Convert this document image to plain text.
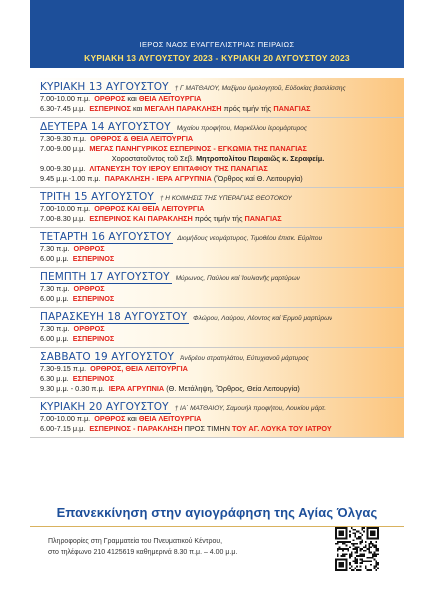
ΙΕΡΟΣ ΝΑΟΣ ΕΥΑΓΓΕΛΙΣΤΡΙΑΣ ΠΕΙΡΑΙΩΣ
ΚΥΡΙΑΚΗ 13 ΑΥΓΟΥΣΤΟΥ 2023 - ΚΥΡΙΑΚΗ 20 ΑΥΓΟΥΣΤΟΥ 2023
ΚΥΡΙΑΚΗ 13 ΑΥΓΟΥΣΤΟΥ † Γ ΜΑΤΘΑΙΟΥ, Μαξίμου ὁμολογητοῦ, Εὐδοκίας βασιλίσσης
7.00-10.00 π.μ. ΟΡΘΡΟΣ και ΘΕΙΑ ΛΕΙΤΟΥΡΓΙΑ
6.30-7.45 μ.μ. ΕΣΠΕΡΙΝΟΣ και ΜΕΓΑΛΗ ΠΑΡΑΚΛΗΣΗ πρός τιμήν τής ΠΑΝΑΓΙΑΣ
ΔΕΥΤΕΡΑ 14 ΑΥΓΟΥΣΤΟΥ Μιχαίου προφήτου, Μαρκέλλου ἱερομάρτυρος
7.30-9.30 π.μ. ΟΡΘΡΟΣ & ΘΕΙΑ ΛΕΙΤΟΥΡΓΙΑ
7.00-9.00 μ.μ. ΜΕΓΑΣ ΠΑΝΗΓΥΡΙΚΟΣ ΕΣΠΕΡΙΝΟΣ - ΕΓΚΩΜΙΑ ΤΗΣ ΠΑΝΑΓΙΑΣ
Χοροστατοῦντος τοῦ Σεβ. Μητροπολίτου Πειραιῶς κ. Σεραφείμ.
9.00-9.30 μ.μ. ΛΙΤΑΝΕΥΣΗ ΤΟΥ ΙΕΡΟΥ ΕΠΙΤΑΦΙΟΥ ΤΗΣ ΠΑΝΑΓΙΑΣ
9.45 μ.μ.-1.00 π.μ. ΠΑΡΑΚΛΗΣΗ - ΙΕΡΑ ΑΓΡΥΠΝΙΑ (Ὄρθρος καί Θ. Λειτουργία)
ΤΡΙΤΗ 15 ΑΥΓΟΥΣΤΟΥ † Η ΚΟΙΜΗΣΙΣ ΤΗΣ ΥΠΕΡΑΓΙΑΣ ΘΕΟΤΟΚΟΥ
7.00-10.00 π.μ. ΟΡΘΡΟΣ ΚΑΙ ΘΕΙΑ ΛΕΙΤΟΥΡΓΙΑ
7.00-8.30 μ.μ. ΕΣΠΕΡΙΝΟΣ ΚΑΙ ΠΑΡΑΚΛΗΣΗ πρός τιμήν τής ΠΑΝΑΓΙΑΣ
ΤΕΤΑΡΤΗ 16 ΑΥΓΟΥΣΤΟΥ Διομήδους νεομάρτυρος, Τιμοθέου ἐπισκ. Εὐρίπου
7.30 π.μ. ΟΡΘΡΟΣ
6.00 μ.μ. ΕΣΠΕΡΙΝΟΣ
ΠΕΜΠΤΗ 17 ΑΥΓΟΥΣΤΟΥ Μύρωνος, Παύλου καί Ἰουλιανῆς μαρτύρων
7.30 π.μ. ΟΡΘΡΟΣ
6.00 μ.μ. ΕΣΠΕΡΙΝΟΣ
ΠΑΡΑΣΚΕΥΗ 18 ΑΥΓΟΥΣΤΟΥ Φλώρου, Λαύρου, Λέοντος καί Ἑρμοῦ μαρτύρων
7.30 π.μ. ΟΡΘΡΟΣ
6.00 μ.μ. ΕΣΠΕΡΙΝΟΣ
ΣΑΒΒΑΤΟ 19 ΑΥΓΟΥΣΤΟΥ Ἀνδρέου στρατηλάτου, Εὐτυχιανοῦ μάρτυρος
7.30-9.15 π.μ. ΟΡΘΡΟΣ, ΘΕΙΑ ΛΕΙΤΟΥΡΓΙΑ
6.30 μ.μ. ΕΣΠΕΡΙΝΟΣ
9.30 μ.μ. - 0.30 π.μ. ΙΕΡΑ ΑΓΡΥΠΝΙΑ (Θ. Μετάληψη, Ὄρθρος, Θεία Λειτουργία)
ΚΥΡΙΑΚΗ 20 ΑΥΓΟΥΣΤΟΥ † ΙΑ΄ ΜΑΤΘΑΙΟΥ, Σαμουήλ προφήτου, Λουκίου μάρτ.
7.00-10.00 π.μ. ΟΡΘΡΟΣ και ΘΕΙΑ ΛΕΙΤΟΥΡΓΙΑ
6.00-7.15 μ.μ. ΕΣΠΕΡΙΝΟΣ - ΠΑΡΑΚΛΗΣΗ ΠΡΟΣ ΤΙΜΗΝ ΤΟΥ ΑΓ. ΛΟΥΚΑ ΤΟΥ ΙΑΤΡΟΥ
Επανεκκίνηση στην αγιογράφηση της Αγίας Όλγας
Πληροφορίες στη Γραμματεία του Πνευματικού Κέντρου,
στο τηλέφωνο 210 4125619 καθημερινά 8.30 π.μ. – 4.00 μ.μ.
